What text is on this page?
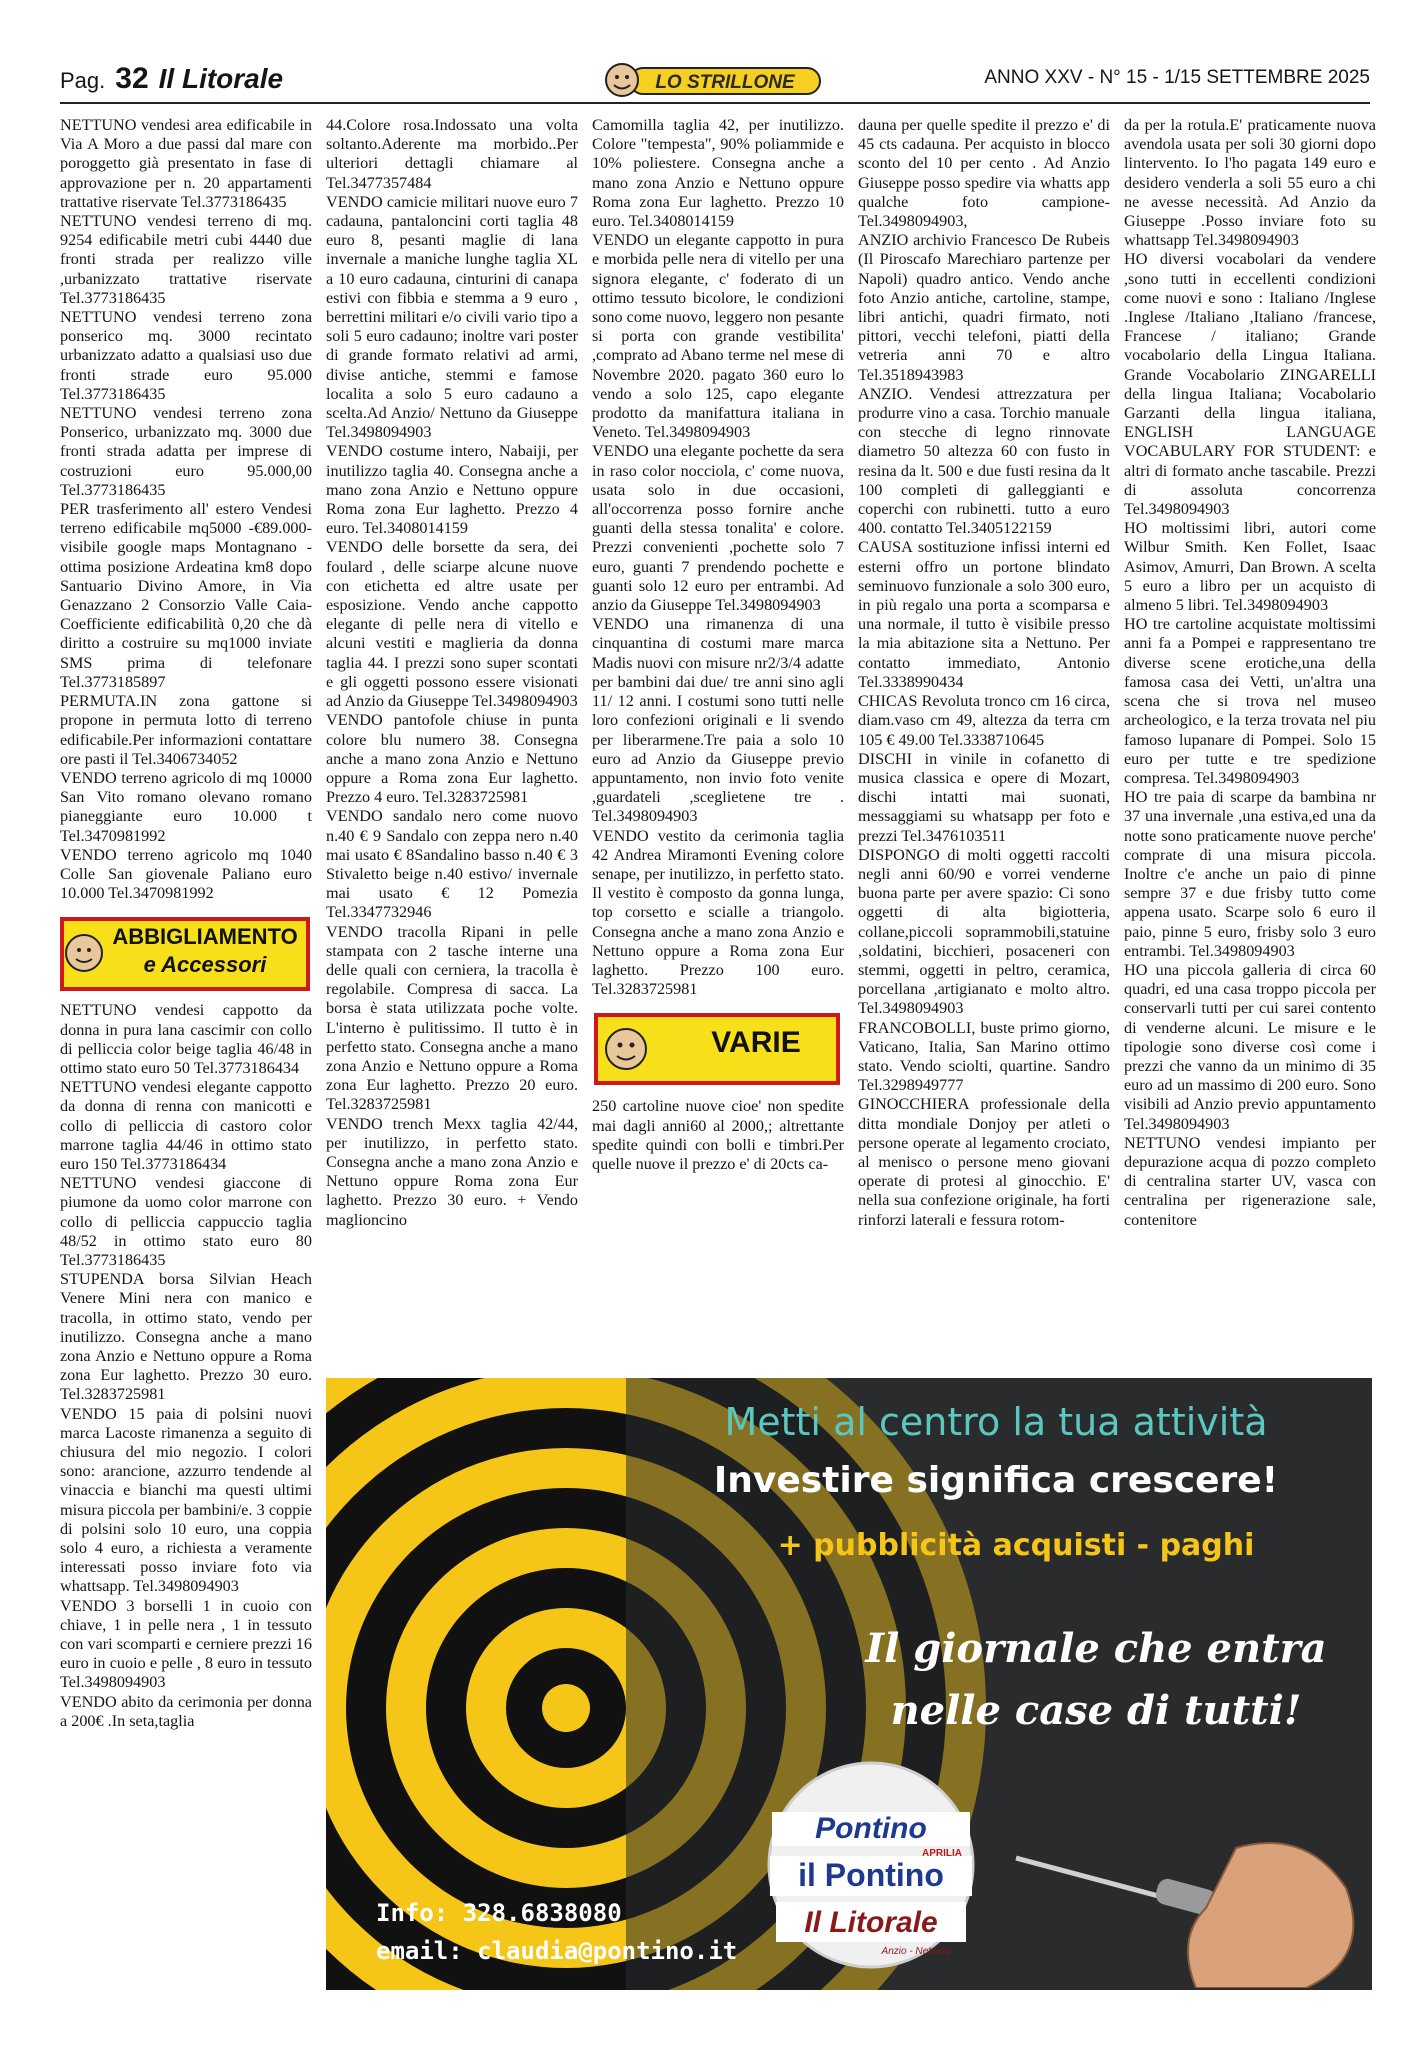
Pag. 32 Il Litorale	LO STRILLONE	ANNO XXV - N° 15 - 1/15 SETTEMBRE 2025

NETTUNO vendesi area edificabile in Via A Moro a due passi dal mare con poroggetto già presentato in fase di approvazione per n. 20 appartamenti trattative riservate Tel.3773186435

NETTUNO vendesi terreno di mq. 9254 edificabile metri cubi 4440 due fronti strada per realizzo ville ,urbanizzato trattative riservate Tel.3773186435

NETTUNO vendesi terreno zona ponserico mq. 3000 recintato urbanizzato adatto a qualsiasi uso due fronti strade euro 95.000 Tel.3773186435

NETTUNO vendesi terreno zona Ponserico, urbanizzato mq. 3000 due fronti strada adatta per imprese di costruzioni euro 95.000,00 Tel.3773186435

PER trasferimento all' estero Vendesi terreno edificabile mq5000 -€89.000- visibile google maps Montagnano -ottima posizione Ardeatina km8 dopo Santuario Divino Amore, in Via Genazzano 2 Consorzio Valle Caia- Coefficiente edificabilità 0,20 che dà diritto a costruire su mq1000 inviate SMS prima di telefonare Tel.3773185897

PERMUTA.IN zona gattone si propone in permuta lotto di terreno edificabile.Per informazioni contattare ore pasti il Tel.3406734052

VENDO terreno agricolo di mq 10000 San Vito romano olevano romano pianeggiante euro 10.000 t Tel.3470981992

VENDO terreno agricolo mq 1040 Colle San giovenale Paliano euro 10.000 Tel.3470981992

ABBIGLIAMENTO
e Accessori

NETTUNO vendesi cappotto da donna in pura lana cascimir con collo di pelliccia color beige taglia 46/48 in ottimo stato euro 50 Tel.3773186434

NETTUNO vendesi elegante cappotto da donna di renna con manicotti e collo di pelliccia di castoro color marrone taglia 44/46 in ottimo stato euro 150 Tel.3773186434

NETTUNO vendesi giaccone di piumone da uomo color marrone con collo di pelliccia cappuccio taglia 48/52 in ottimo stato euro 80 Tel.3773186435

STUPENDA borsa Silvian Heach Venere Mini nera con manico e tracolla, in ottimo stato, vendo per inutilizzo. Consegna anche a mano zona Anzio e Nettuno oppure a Roma zona Eur laghetto. Prezzo 30 euro. Tel.3283725981

VENDO 15 paia di polsini nuovi marca Lacoste rimanenza a seguito di chiusura del mio negozio. I colori sono: arancione, azzurro tendende al vinaccia e bianchi ma questi ultimi misura piccola per bambini/e. 3 coppie di polsini solo 10 euro, una coppia solo 4 euro, a richiesta a veramente interessati posso inviare foto via whattsapp. Tel.3498094903

VENDO 3 borselli 1 in cuoio con chiave, 1 in pelle nera , 1 in tessuto con vari scomparti e cerniere prezzi 16 euro in cuoio e pelle , 8 euro in tessuto Tel.3498094903

VENDO abito da cerimonia per donna a 200€ .In seta,taglia

44.Colore rosa.Indossato una volta soltanto.Aderente ma morbido..Per ulteriori dettagli chiamare al Tel.3477357484

VENDO camicie militari nuove euro 7 cadauna, pantaloncini corti taglia 48 euro 8, pesanti maglie di lana invernale a maniche lunghe taglia XL a 10 euro cadauna, cinturini di canapa estivi con fibbia e stemma a 9 euro , berrettini militari e/o civili vario tipo a soli 5 euro cadauno; inoltre vari poster di grande formato relativi ad armi, divise antiche, stemmi e famose localita a solo 5 euro cadauno a scelta.Ad Anzio/ Nettuno da Giuseppe Tel.3498094903

VENDO costume intero, Nabaiji, per inutilizzo taglia 40. Consegna anche a mano zona Anzio e Nettuno oppure Roma zona Eur laghetto. Prezzo 4 euro. Tel.3408014159

VENDO delle borsette da sera, dei foulard , delle sciarpe alcune nuove con etichetta ed altre usate per esposizione. Vendo anche cappotto elegante di pelle nera di vitello e alcuni vestiti e maglieria da donna taglia 44. I prezzi sono super scontati e gli oggetti possono essere visionati ad Anzio da Giuseppe Tel.3498094903

VENDO pantofole chiuse in punta colore blu numero 38. Consegna anche a mano zona Anzio e Nettuno oppure a Roma zona Eur laghetto. Prezzo 4 euro. Tel.3283725981

VENDO sandalo nero come nuovo n.40 € 9 Sandalo con zeppa nero n.40 mai usato € 8Sandalino basso n.40 € 3 Stivaletto beige n.40 estivo/ invernale mai usato € 12 Pomezia Tel.3347732946

VENDO tracolla Ripani in pelle stampata con 2 tasche interne una delle quali con cerniera, la tracolla è regolabile. Compresa di sacca. La borsa è stata utilizzata poche volte. L'interno è pulitissimo. Il tutto è in perfetto stato. Consegna anche a mano zona Anzio e Nettuno oppure a Roma zona Eur laghetto. Prezzo 20 euro. Tel.3283725981

VENDO trench Mexx taglia 42/44, per inutilizzo, in perfetto stato. Consegna anche a mano zona Anzio e Nettuno oppure Roma zona Eur laghetto. Prezzo 30 euro. + Vendo maglioncino

Camomilla taglia 42, per inutilizzo. Colore "tempesta", 90% poliammide e 10% poliestere. Consegna anche a mano zona Anzio e Nettuno oppure Roma zona Eur laghetto. Prezzo 10 euro. Tel.3408014159

VENDO un elegante cappotto in pura e morbida pelle nera di vitello per una signora elegante, c' foderato di un ottimo tessuto bicolore, le condizioni sono come nuovo, leggero non pesante si porta con grande vestibilita' ,comprato ad Abano terme nel mese di Novembre 2020. pagato 360 euro lo vendo a solo 125, capo elegante prodotto da manifattura italiana in Veneto. Tel.3498094903

VENDO una elegante pochette da sera in raso color nocciola, c' come nuova, usata solo in due occasioni, all'occorrenza posso fornire anche guanti della stessa tonalita' e colore. Prezzi convenienti ,pochette solo 7 euro, guanti 7 prendendo pochette e guanti solo 12 euro per entrambi. Ad anzio da Giuseppe Tel.3498094903

VENDO una rimanenza di una cinquantina di costumi mare marca Madis nuovi con misure nr2/3/4 adatte per bambini dai due/ tre anni sino agli 11/ 12 anni. I costumi sono tutti nelle loro confezioni originali e li svendo per liberarmene.Tre paia a solo 10 euro ad Anzio da Giuseppe previo appuntamento, non invio foto venite ,guardateli ,sceglietene tre . Tel.3498094903

VENDO vestito da cerimonia taglia 42 Andrea Miramonti Evening colore senape, per inutilizzo, in perfetto stato. Il vestito è composto da gonna lunga, top corsetto e scialle a triangolo. Consegna anche a mano zona Anzio e Nettuno oppure a Roma zona Eur laghetto. Prezzo 100 euro. Tel.3283725981

VARIE

250 cartoline nuove cioe' non spedite mai dagli anni60 al 2000,; altrettante spedite quindi con bolli e timbri.Per quelle nuove il prezzo e' di 20cts ca-

dauna per quelle spedite il prezzo e' di 45 cts cadauna. Per acquisto in blocco sconto del 10 per cento . Ad Anzio Giuseppe posso spedire via whatts app qualche foto campione- Tel.3498094903,

ANZIO archivio Francesco De Rubeis (Il Piroscafo Marechiaro partenze per Napoli) quadro antico. Vendo anche foto Anzio antiche, cartoline, stampe, libri antichi, quadri firmato, noti pittori, vecchi telefoni, piatti della vetreria anni 70 e altro Tel.3518943983

ANZIO. Vendesi attrezzatura per produrre vino a casa. Torchio manuale con stecche di legno rinnovate diametro 50 altezza 60 con fusto in resina da lt. 500 e due fusti resina da lt 100 completi di galleggianti e coperchi con rubinetti. tutto a euro 400. contatto Tel.3405122159

CAUSA sostituzione infissi interni ed esterni offro un portone blindato seminuovo funzionale a solo 300 euro, in più regalo una porta a scomparsa e una normale, il tutto è visibile presso la mia abitazione sita a Nettuno. Per contatto immediato, Antonio Tel.3338990434

CHICAS Revoluta tronco cm 16 circa, diam.vaso cm 49, altezza da terra cm 105 € 49.00 Tel.3338710645

DISCHI in vinile in cofanetto di musica classica e opere di Mozart, dischi intatti mai suonati, messaggiami su whatsapp per foto e prezzi Tel.3476103511

DISPONGO di molti oggetti raccolti negli anni 60/90 e vorrei venderne buona parte per avere spazio: Ci sono oggetti di alta bigiotteria, collane,piccoli soprammobili,statuine ,soldatini, bicchieri, posaceneri con stemmi, oggetti in peltro, ceramica, porcellana ,artigianato e molto altro. Tel.3498094903

FRANCOBOLLI, buste primo giorno, Vaticano, Italia, San Marino ottimo stato. Vendo sciolti, quartine. Sandro Tel.3298949777

GINOCCHIERA professionale della ditta mondiale Donjoy per atleti o persone operate al legamento crociato, al menisco o persone meno giovani operate di protesi al ginocchio. E' nella sua confezione originale, ha forti rinforzi laterali e fessura rotom-

da per la rotula.E' praticamente nuova avendola usata per soli 30 giorni dopo lintervento. Io l'ho pagata 149 euro e desidero venderla a soli 55 euro a chi ne avesse necessità. Ad Anzio da Giuseppe .Posso inviare foto su whattsapp Tel.3498094903

HO diversi vocabolari da vendere ,sono tutti in eccellenti condizioni come nuovi e sono : Italiano /Inglese .Inglese /Italiano ,Italiano /francese, Francese / italiano; Grande vocabolario della Lingua Italiana. Grande Vocabolario ZINGARELLI della lingua Italiana; Vocabolario Garzanti della lingua italiana, ENGLISH LANGUAGE VOCABULARY FOR STUDENT: e altri di formato anche tascabile. Prezzi di assoluta concorrenza Tel.3498094903

HO moltissimi libri, autori come Wilbur Smith. Ken Follet, Isaac Asimov, Amurri, Dan Brown. A scelta 5 euro a libro per un acquisto di almeno 5 libri. Tel.3498094903

HO tre cartoline acquistate moltissimi anni fa a Pompei e rappresentano tre diverse scene erotiche,una della famosa casa dei Vetti, un'altra una scena che si trova nel museo archeologico, e la terza trovata nel piu famoso lupanare di Pompei. Solo 15 euro per tutte e tre spedizione compresa. Tel.3498094903

HO tre paia di scarpe da bambina nr 37 una invernale ,una estiva,ed una da notte sono praticamente nuove perche' comprate di una misura piccola. Inoltre c'e anche un paio di pinne sempre 37 e due frisby tutto come appena usato. Scarpe solo 6 euro il paio, pinne 5 euro, frisby solo 3 euro entrambi. Tel.3498094903

HO una piccola galleria di circa 60 quadri, ed una casa troppo piccola per conservarli tutti per cui sarei contento di venderne alcuni. Le misure e le tipologie sono diverse così come i prezzi che vanno da un minimo di 35 euro ad un massimo di 200 euro. Sono visibili ad Anzio previo appuntamento Tel.3498094903

NETTUNO vendesi impianto per depurazione acqua di pozzo completo di centralina starter UV, vasca con centralina per rigenerazione sale, contenitore

Metti al centro la tua attività
Investire significa crescere!
+ pubblicità acquisti - paghi
Il giornale che entra
nelle case di tutti!
Pontino
il Pontino
APRILIA
Il Litorale
Anzio - Nettuno
Info: 328.6838080
email: claudia@pontino.it
